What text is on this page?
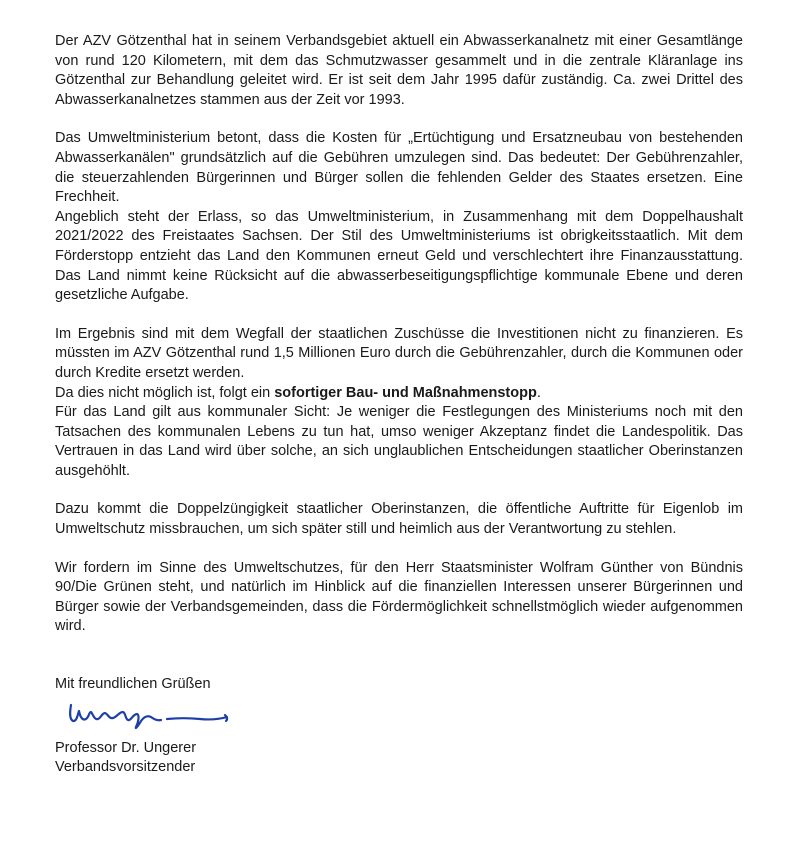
Der AZV Götzenthal hat in seinem Verbandsgebiet aktuell ein Abwasserkanalnetz mit einer Gesamtlänge von rund 120 Kilometern, mit dem das Schmutzwasser gesammelt und in die zentrale Kläranlage ins Götzenthal zur Behandlung geleitet wird. Er ist seit dem Jahr 1995 dafür zuständig. Ca. zwei Drittel des Abwasserkanalnetzes stammen aus der Zeit vor 1993.

Das Umweltministerium betont, dass die Kosten für „Ertüchtigung und Ersatzneubau von bestehenden Abwasserkanälen" grundsätzlich auf die Gebühren umzulegen sind. Das bedeutet: Der Gebührenzahler, die steuerzahlenden Bürgerinnen und Bürger sollen die fehlenden Gelder des Staates ersetzen. Eine Frechheit.

Angeblich steht der Erlass, so das Umweltministerium, in Zusammenhang mit dem Doppelhaushalt 2021/2022 des Freistaates Sachsen. Der Stil des Umweltministeriums ist obrigkeitsstaatlich. Mit dem Förderstopp entzieht das Land den Kommunen erneut Geld und verschlechtert ihre Finanzausstattung. Das Land nimmt keine Rücksicht auf die abwasserbeseitigungspflichtige kommunale Ebene und deren gesetzliche Aufgabe.

Im Ergebnis sind mit dem Wegfall der staatlichen Zuschüsse die Investitionen nicht zu finanzieren. Es müssten im AZV Götzenthal rund 1,5 Millionen Euro durch die Gebührenzahler, durch die Kommunen oder durch Kredite ersetzt werden.

Da dies nicht möglich ist, folgt ein sofortiger Bau- und Maßnahmenstopp.

Für das Land gilt aus kommunaler Sicht: Je weniger die Festlegungen des Ministeriums noch mit den Tatsachen des kommunalen Lebens zu tun hat, umso weniger Akzeptanz findet die Landespolitik. Das Vertrauen in das Land wird über solche, an sich unglaublichen Entscheidungen staatlicher Oberinstanzen ausgehöhlt.

Dazu kommt die Doppelzüngigkeit staatlicher Oberinstanzen, die öffentliche Auftritte für Eigenlob im Umweltschutz missbrauchen, um sich später still und heimlich aus der Verantwortung zu stehlen.

Wir fordern im Sinne des Umweltschutzes, für den Herr Staatsminister Wolfram Günther von Bündnis 90/Die Grünen steht, und natürlich im Hinblick auf die finanziellen Interessen unserer Bürgerinnen und Bürger sowie der Verbandsgemeinden, dass die Fördermöglichkeit schnellstmöglich wieder aufgenommen wird.

Mit freundlichen Grüßen

Professor Dr. Ungerer

Verbandsvorsitzender
